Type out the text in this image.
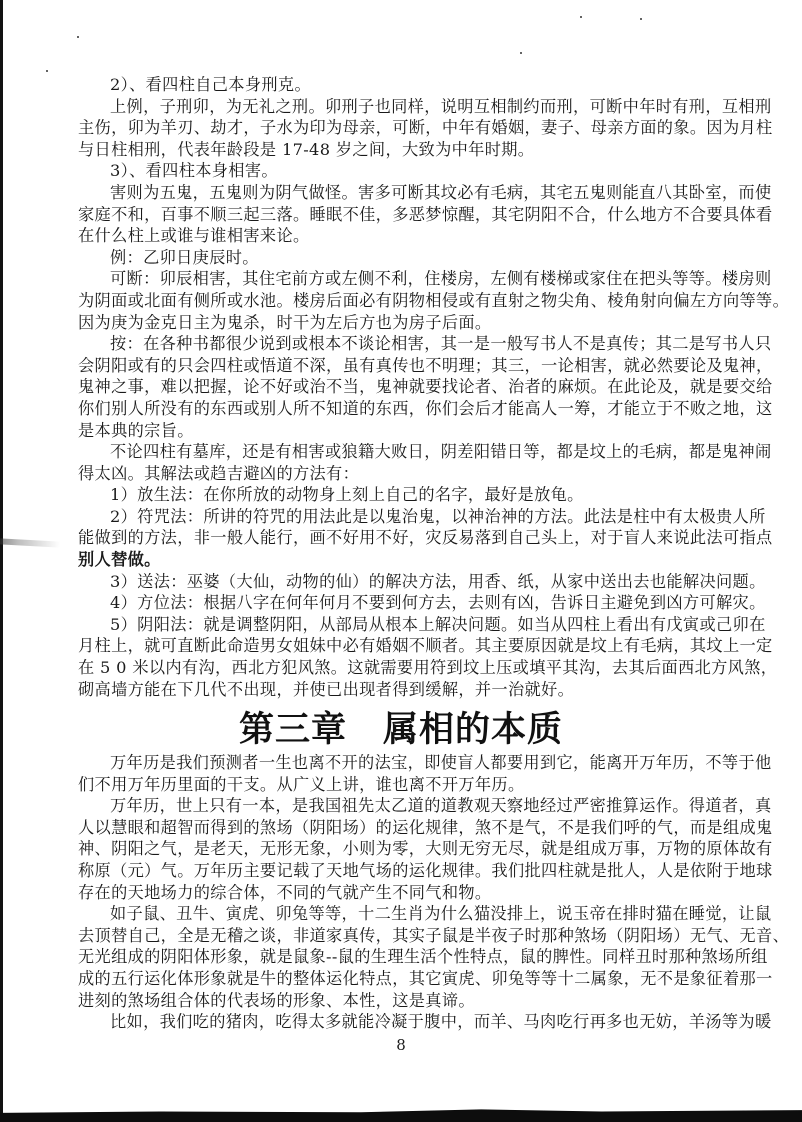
2）、看四柱自己本身刑克。
上例，子刑卯，为无礼之刑。卯刑子也同样，说明互相制约而刑，可断中年时有刑，互相刑
主伤，卯为羊刃、劫才，子水为印为母亲，可断，中年有婚姻，妻子、母亲方面的象。因为月柱
与日柱相刑，代表年龄段是 17-48 岁之间，大致为中年时期。
3）、看四柱本身相害。
害则为五鬼，五鬼则为阴气做怪。害多可断其坟必有毛病，其宅五鬼则能直八其卧室，而使
家庭不和，百事不顺三起三落。睡眠不佳，多恶梦惊醒，其宅阴阳不合，什么地方不合要具体看
在什么柱上或谁与谁相害来论。
例：乙卯日庚辰时。
可断：卯辰相害，其住宅前方或左侧不利，住楼房，左侧有楼梯或家住在把头等等。楼房则
为阴面或北面有侧所或水池。楼房后面必有阴物相侵或有直射之物尖角、棱角射向偏左方向等等。
因为庚为金克日主为鬼杀，时干为左后方也为房子后面。
按：在各种书都很少说到或根本不谈论相害，其一是一般写书人不是真传；其二是写书人只
会阴阳或有的只会四柱或悟道不深，虽有真传也不明理；其三，一论相害，就必然要论及鬼神，
鬼神之事，难以把握，论不好或治不当，鬼神就要找论者、治者的麻烦。在此论及，就是要交给
你们别人所没有的东西或别人所不知道的东西，你们会后才能高人一筹，才能立于不败之地，这
是本典的宗旨。
不论四柱有墓库，还是有相害或狼籍大败日，阴差阳错日等，都是坟上的毛病，都是鬼神闹
得太凶。其解法或趋吉避凶的方法有：
1）放生法：在你所放的动物身上刻上自己的名字，最好是放龟。
2）符咒法：所讲的符咒的用法此是以鬼治鬼，以神治神的方法。此法是柱中有太极贵人所
能做到的方法，非一般人能行，画不好用不好，灾反易落到自己头上，对于盲人来说此法可指点
别人替做。
3）送法：巫婆（大仙，动物的仙）的解决方法，用香、纸，从家中送出去也能解决问题。
4）方位法：根据八字在何年何月不要到何方去，去则有凶，告诉日主避免到凶方可解灾。
5）阴阳法：就是调整阴阳，从部局从根本上解决问题。如当从四柱上看出有戊寅或己卯在
月柱上，就可直断此命造男女姐妹中必有婚姻不顺者。其主要原因就是坟上有毛病，其坟上一定
在 5 0 米以内有沟，西北方犯风煞。这就需要用符到坟上压或填平其沟，去其后面西北方风煞，
砌高墙方能在下几代不出现，并使已出现者得到缓解，并一治就好。
第三章 属相的本质
万年历是我们预测者一生也离不开的法宝，即使盲人都要用到它，能离开万年历，不等于他
们不用万年历里面的干支。从广义上讲，谁也离不开万年历。
万年历，世上只有一本，是我国祖先太乙道的道教观天察地经过严密推算运作。得道者，真
人以慧眼和超智而得到的煞场（阴阳场）的运化规律，煞不是气，不是我们呼的气，而是组成鬼
神、阴阳之气，是老天，无形无象，小则为零，大则无穷无尽，就是组成万事，万物的原体故有
称原（元）气。万年历主要记载了天地气场的运化规律。我们批四柱就是批人，人是依附于地球
存在的天地场力的综合体，不同的气就产生不同气和物。
如子鼠、丑牛、寅虎、卯兔等等，十二生肖为什么猫没排上，说玉帝在排时猫在睡觉，让鼠
去顶替自己，全是无稽之谈，非道家真传，其实子鼠是半夜子时那种煞场（阴阳场）无气、无音、
无光组成的阴阳体形象，就是鼠象--鼠的生理生活个性特点，鼠的脾性。同样丑时那种煞场所组
成的五行运化体形象就是牛的整体运化特点，其它寅虎、卯兔等等十二属象，无不是象征着那一
进刻的煞场组合体的代表场的形象、本性，这是真谛。
比如，我们吃的猪肉，吃得太多就能冷凝于腹中，而羊、马肉吃行再多也无妨，羊汤等为暖
8
